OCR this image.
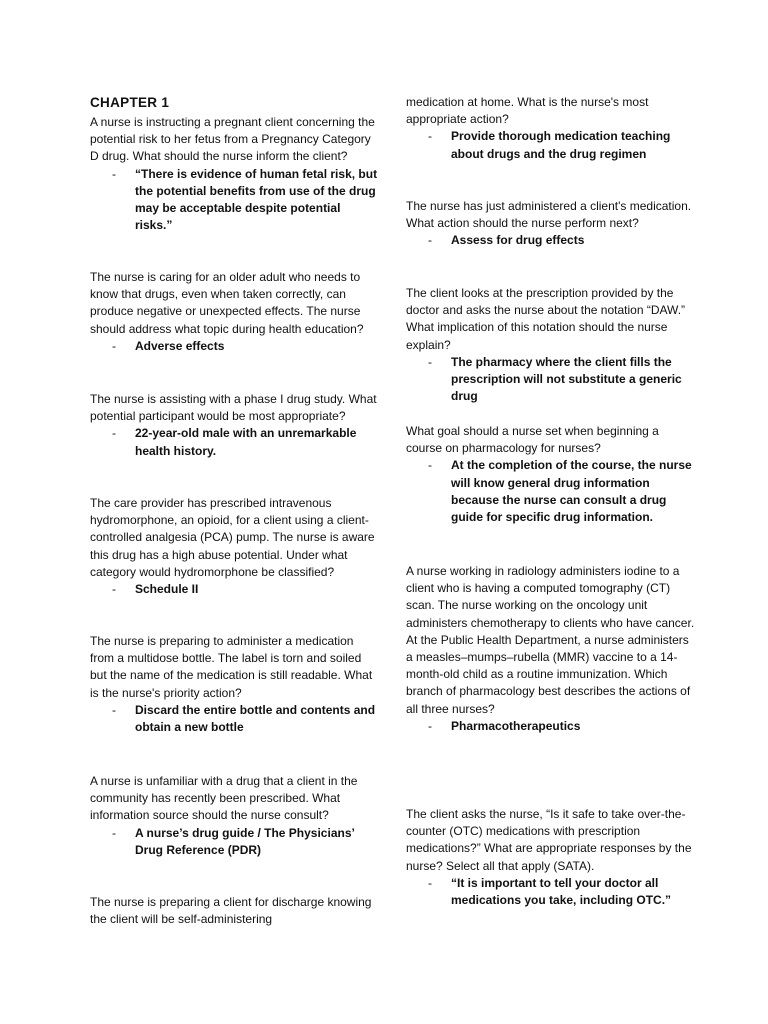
CHAPTER 1

A nurse is instructing a pregnant client concerning the potential risk to her fetus from a Pregnancy Category D drug. What should the nurse inform the client?

- “There is evidence of human fetal risk, but the potential benefits from use of the drug may be acceptable despite potential risks.”

The nurse is caring for an older adult who needs to know that drugs, even when taken correctly, can produce negative or unexpected effects. The nurse should address what topic during health education?

- Adverse effects

The nurse is assisting with a phase I drug study. What potential participant would be most appropriate?

- 22-year-old male with an unremarkable health history.

The care provider has prescribed intravenous hydromorphone, an opioid, for a client using a client-controlled analgesia (PCA) pump. The nurse is aware this drug has a high abuse potential. Under what category would hydromorphone be classified?

- Schedule II

The nurse is preparing to administer a medication from a multidose bottle. The label is torn and soiled but the name of the medication is still readable. What is the nurse's priority action?

- Discard the entire bottle and contents and obtain a new bottle

A nurse is unfamiliar with a drug that a client in the community has recently been prescribed. What information source should the nurse consult?

- A nurse’s drug guide / The Physicians’ Drug Reference (PDR)

The nurse is preparing a client for discharge knowing the client will be self-administering

medication at home. What is the nurse's most appropriate action?

- Provide thorough medication teaching about drugs and the drug regimen

The nurse has just administered a client's medication. What action should the nurse perform next?

- Assess for drug effects

The client looks at the prescription provided by the doctor and asks the nurse about the notation “DAW.” What implication of this notation should the nurse explain?

- The pharmacy where the client fills the prescription will not substitute a generic drug

What goal should a nurse set when beginning a course on pharmacology for nurses?

- At the completion of the course, the nurse will know general drug information because the nurse can consult a drug guide for specific drug information.

A nurse working in radiology administers iodine to a client who is having a computed tomography (CT) scan. The nurse working on the oncology unit administers chemotherapy to clients who have cancer. At the Public Health Department, a nurse administers a measles–mumps–rubella (MMR) vaccine to a 14-month-old child as a routine immunization. Which branch of pharmacology best describes the actions of all three nurses?

- Pharmacotherapeutics

The client asks the nurse, “Is it safe to take over-the-counter (OTC) medications with prescription medications?” What are appropriate responses by the nurse? Select all that apply (SATA).

- “It is important to tell your doctor all medications you take, including OTC.”
